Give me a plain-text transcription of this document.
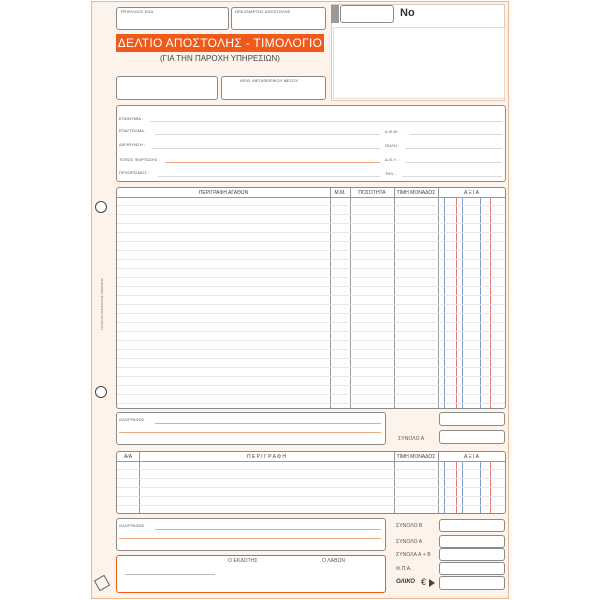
ΤΟ ΔΕΛΤΙΟ ΑΠΟΣΤΟΛΗΣ ΤΙΜΟΛΟΓΙΟ
ΤΡΙΦΥΛΛΟΣ ΚΩΔ	ΩΡΑ ΕΝΑΡΞΗΣ ΑΠΟΣΤΟΛΗΣ
ΔΕΛΤΙΟ ΑΠΟΣΤΟΛΗΣ - ΤΙΜΟΛΟΓΙΟ
(ΓΙΑ ΤΗΝ ΠΑΡΟΧΗ ΥΠΗΡΕΣΙΩΝ)
ΑΡΙΘ. ΜΕΤΑΦΟΡΙΚΟΥ ΜΕΣΟΥ
No
ΕΠΩΝΥΜΙΑ :
ΕΠΑΓΓΕΛΜΑ :	Α.Φ.Μ. :
ΔΙΕΥΘΥΝΣΗ :	ΠΟΛΗ :
ΤΟΠΟΣ ΦΟΡΤΩΣΗΣ :	Δ.Ο.Υ. :
ΠΡΟΟΡΙΣΜΟΣ :	ΤΗΛ.:
ΠΕΡΙΓΡΑΦΗ ΑΓΑΘΩΝ	Μ.Μ.	ΠΟΣΟΤΗΤΑ	ΤΙΜΗ ΜΟΝΑΔΟΣ	Α Ξ Ι Α
ΟΛΟΓΡΑΦΩΣ
ΣΥΝΟΛΟ Α
Α/Α	Π Ε Ρ Ι Γ Ρ Α Φ Η	ΤΙΜΗ ΜΟΝΑΔΟΣ	Α Ξ Ι Α
ΟΛΟΓΡΑΦΩΣ	ΣΥΝΟΛΟ Β
ΣΥΝΟΛΟ Α
ΣΥΝΟΛΑ Α + Β
Φ.Π.Α.
ΟΛΙΚΟ €
Ο ΕΚΔΟΤΗΣ	Ο ΛΑΒΩΝ
